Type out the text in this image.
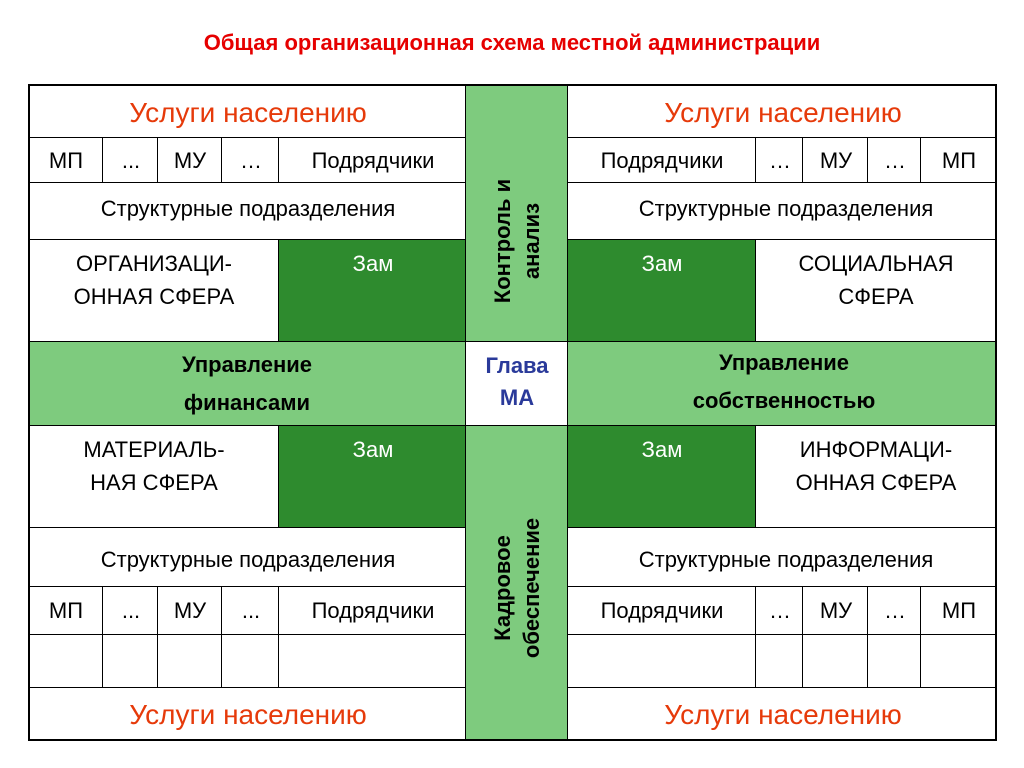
Общая организационная схема местной администрации
Услуги населению
МП ... МУ … Подрядчики
Структурные подразделения
ОРГАНИЗАЦИ-
ОННАЯ СФЕРА
Зам
Услуги населению
Подрядчики … МУ … МП
Структурные подразделения
Зам	СОЦИАЛЬНАЯ
СФЕРА
Управление
финансами
Глава
МА
Управление
собственностью
Контроль и анализ
Кадровое обеспечение
МАТЕРИАЛЬ-
НАЯ СФЕРА
Зам
Структурные подразделения
МП ... МУ ... Подрядчики
Услуги населению
Зам	ИНФОРМАЦИ-
ОННАЯ СФЕРА
Структурные подразделения
Подрядчики … МУ … МП
Услуги населению
